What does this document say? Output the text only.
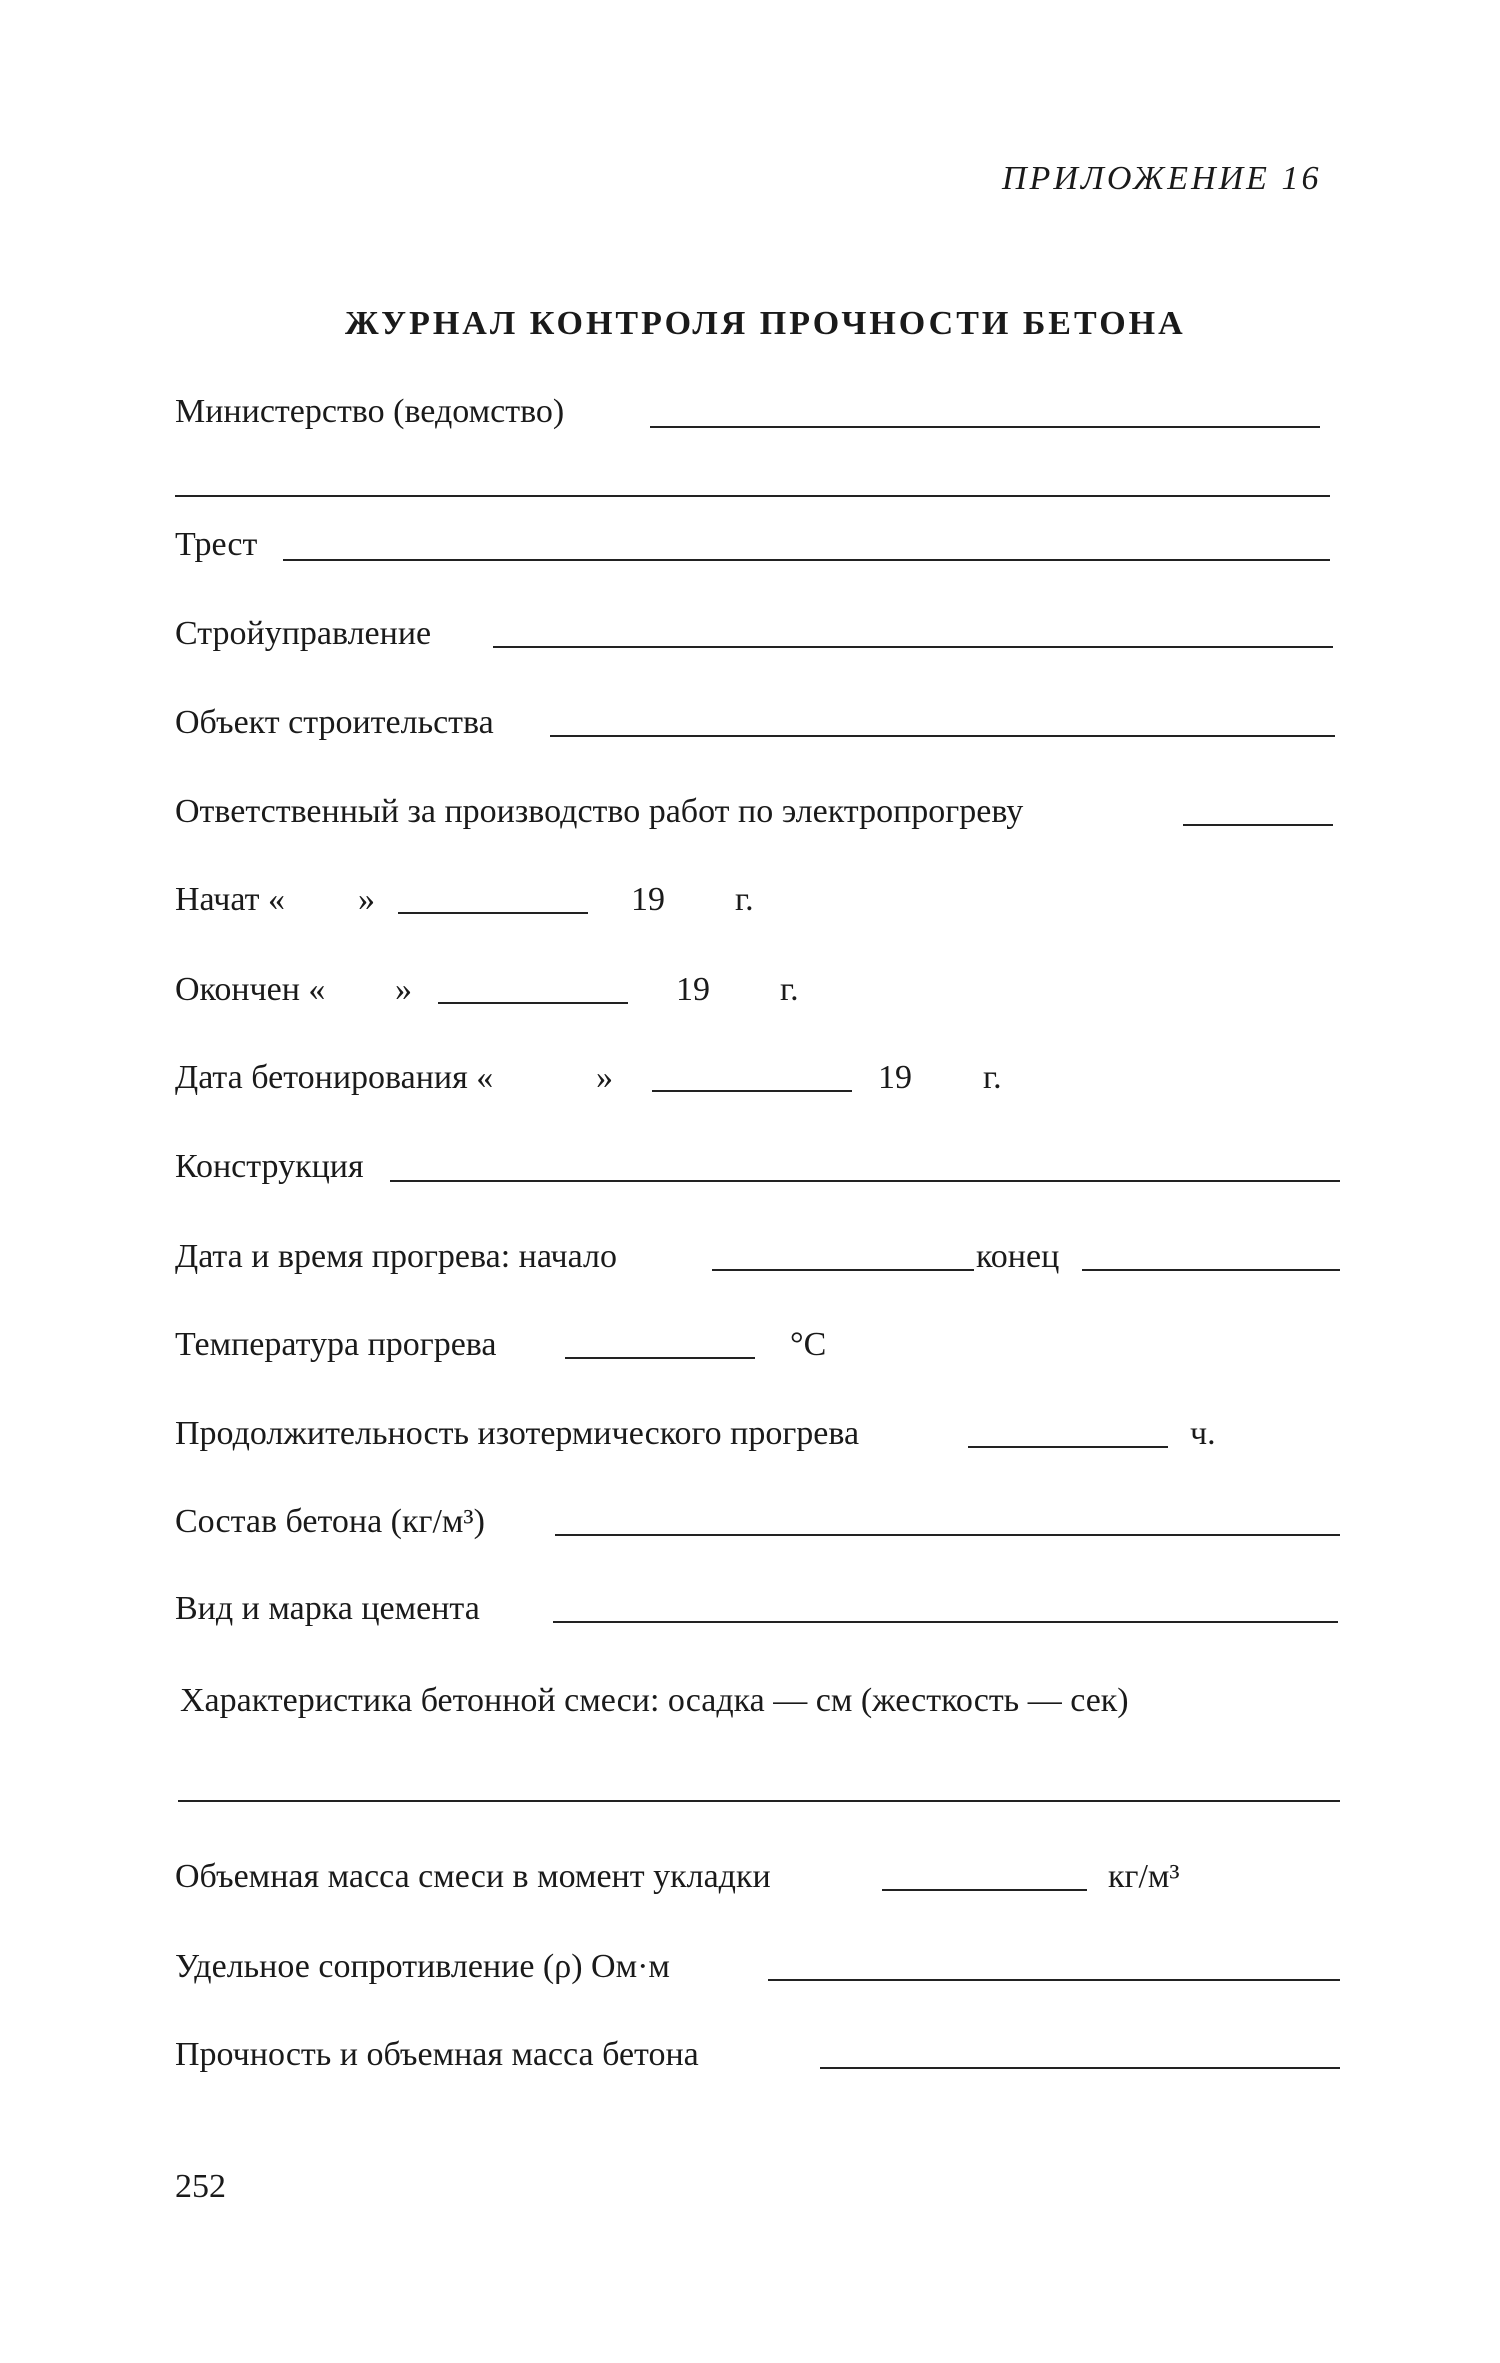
ПРИЛОЖЕНИЕ 16
ЖУРНАЛ КОНТРОЛЯ ПРОЧНОСТИ БЕТОНА
Министерство (ведомство)
Трест
Стройуправление
Объект строительства
Ответственный за производство работ по электропрогреву
Начат « »	19 г.
Окончен « »	19 г.
Дата бетонирования «	»	19 г.
Конструкция
Дата и время прогрева: начало	конец
Температура прогрева	°С
Продолжительность изотермического прогрева	ч.
Состав бетона (кг/м³)
Вид и марка цемента
Характеристика бетонной смеси: осадка — см (жесткость — сек)
Объемная масса смеси в момент укладки	кг/м³
Удельное сопротивление (ρ) Ом·м
Прочность и объемная масса бетона
252
